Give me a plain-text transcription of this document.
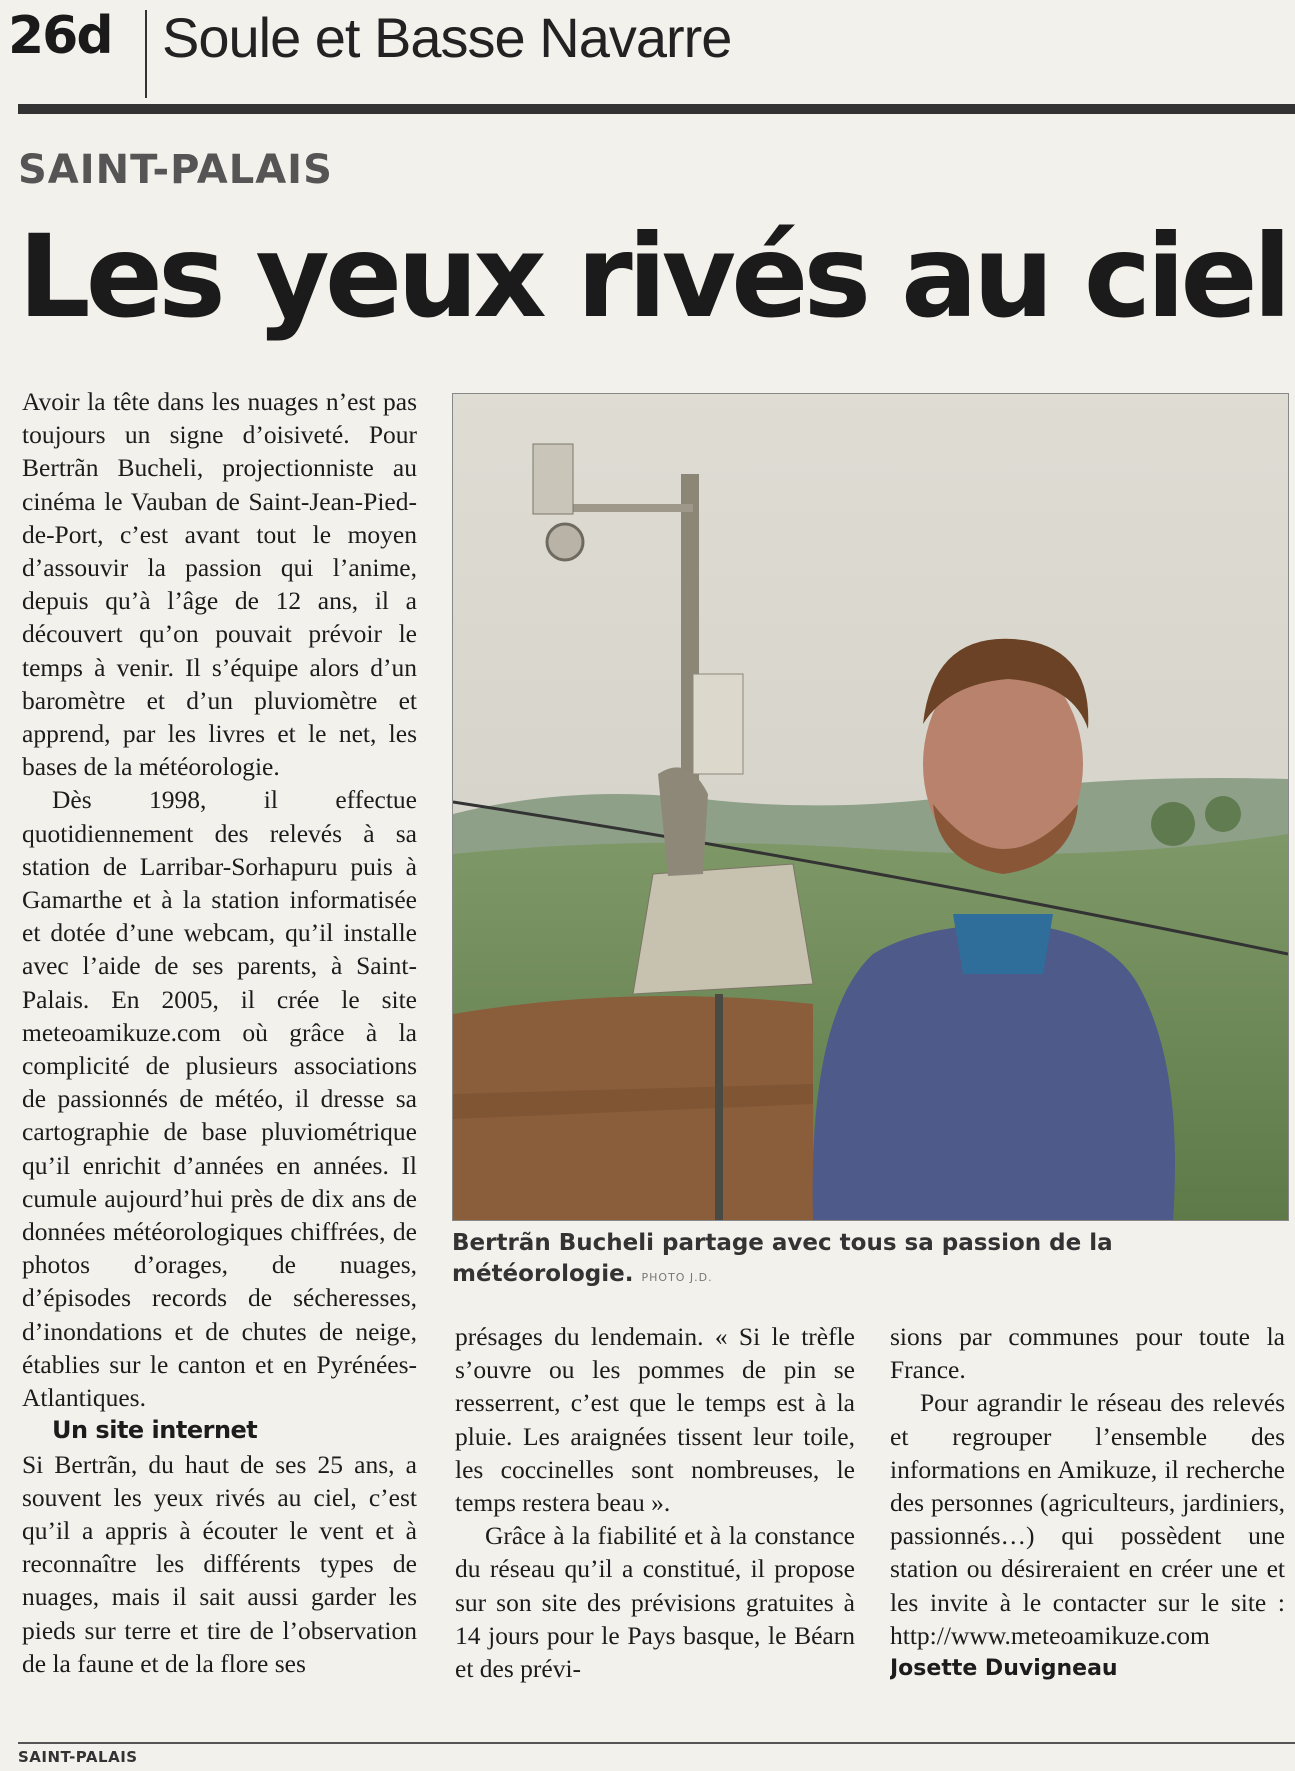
26d Soule et Basse Navarre
SAINT-PALAIS
Les yeux rivés au ciel

Avoir la tête dans les nuages n’est pas toujours un signe d’oisiveté. Pour Bertrãn Bucheli, projectionniste au cinéma le Vauban de Saint-Jean-Pied-de-Port, c’est avant tout le moyen d’assouvir la passion qui l’anime, depuis qu’à l’âge de 12 ans, il a découvert qu’on pouvait prévoir le temps à venir. Il s’équipe alors d’un baromètre et d’un pluviomètre et apprend, par les livres et le net, les bases de la météorologie.

Dès 1998, il effectue quotidiennement des relevés à sa station de Larribar-Sorhapuru puis à Gamarthe et à la station informatisée et dotée d’une webcam, qu’il installe avec l’aide de ses parents, à Saint-Palais. En 2005, il crée le site meteoamikuze.com où grâce à la complicité de plusieurs associations de passionnés de météo, il dresse sa cartographie de base pluviométrique qu’il enrichit d’années en années. Il cumule aujourd’hui près de dix ans de données météorologiques chiffrées, de photos d’orages, de nuages, d’épisodes records de sécheresses, d’inondations et de chutes de neige, établies sur le canton et en Pyrénées-Atlantiques.

Un site internet

Si Bertrãn, du haut de ses 25 ans, a souvent les yeux rivés au ciel, c’est qu’il a appris à écouter le vent et à reconnaître les différents types de nuages, mais il sait aussi garder les pieds sur terre et tire de l’observation de la faune et de la flore ses

Bertrãn Bucheli partage avec tous sa passion de la météorologie. PHOTO J.D.

présages du lendemain. « Si le trèfle s’ouvre ou les pommes de pin se resserrent, c’est que le temps est à la pluie. Les araignées tissent leur toile, les coccinelles sont nombreuses, le temps restera beau ».

Grâce à la fiabilité et à la constance du réseau qu’il a constitué, il propose sur son site des prévisions gratuites à 14 jours pour le Pays basque, le Béarn et des prévi-

sions par communes pour toute la France.

Pour agrandir le réseau des relevés et regrouper l’ensemble des informations en Amikuze, il recherche des personnes (agriculteurs, jardiniers, passionnés…) qui possèdent une station ou désireraient en créer une et les invite à le contacter sur le site : http://www.meteoamikuze.com

Josette Duvigneau

SAINT-PALAIS
